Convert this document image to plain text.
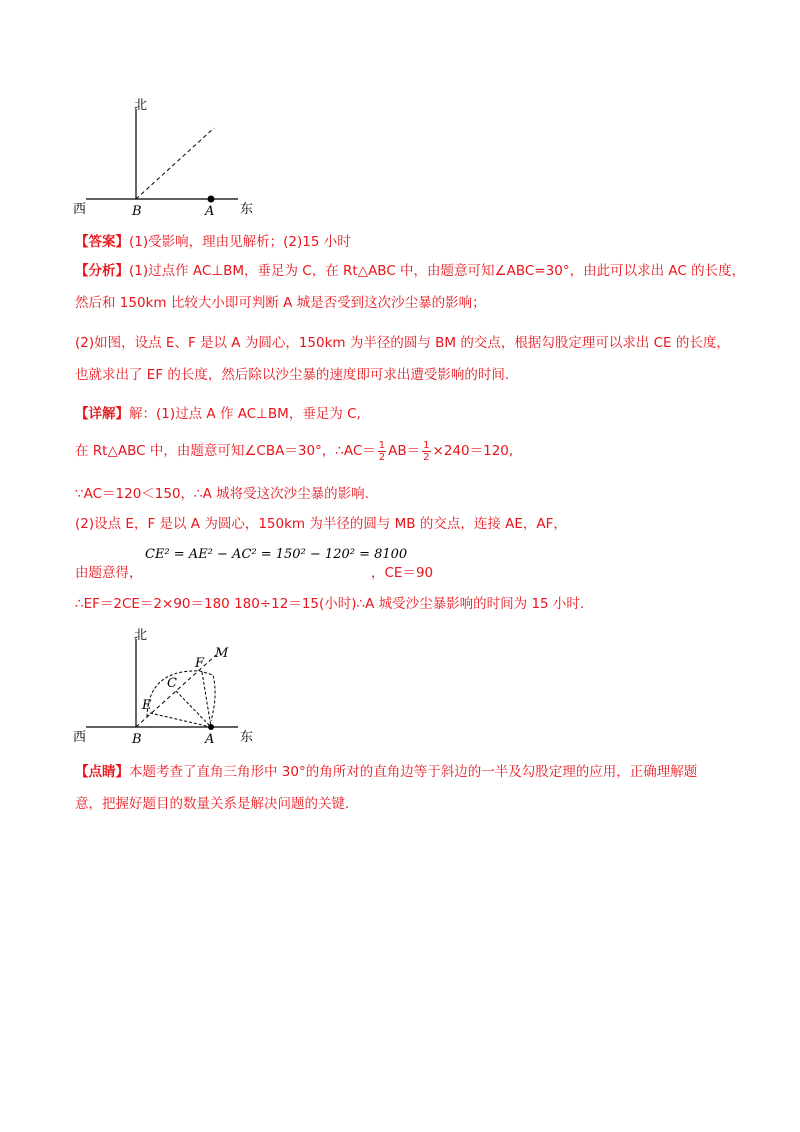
北
西	东
B	A
【答案】(1)受影响，理由见解析；(2)15 小时
【分析】(1)过点作 AC⊥BM，垂足为 C，在 Rt△ABC 中，由题意可知∠ABC=30°，由此可以求出 AC 的长度，
然后和 150km 比较大小即可判断 A 城是否受到这次沙尘暴的影响；
(2)如图，设点 E、F 是以 A 为圆心，150km 为半径的圆与 BM 的交点，根据勾股定理可以求出 CE 的长度，
也就求出了 EF 的长度，然后除以沙尘暴的速度即可求出遭受影响的时间.
【详解】解：(1)过点 A 作 AC⊥BM，垂足为 C,
在 Rt△ABC 中，由题意可知∠CBA＝30°，∴AC＝ $\frac{1}{2} AB= \frac{1}{2} \times 240=120$,
∵AC＝120＜150，∴A 城将受这次沙尘暴的影响.
(2)设点 E，F 是以 A 为圆心，150km 为半径的圆与 MB 的交点，连接 AE，AF，
由题意得，
CE² = AE² − AC² = 150² − 120² = 8100
，CE＝90
∴EF＝2CE＝2×90＝180 180÷12＝15(小时)∴A 城受沙尘暴影响的时间为 15 小时.
北
西	东
B	A
C
E
F
M
【点睛】本题考查了直角三角形中 30°的角所对的直角边等于斜边的一半及勾股定理的应用，正确理解题
意，把握好题目的数量关系是解决问题的关键.
